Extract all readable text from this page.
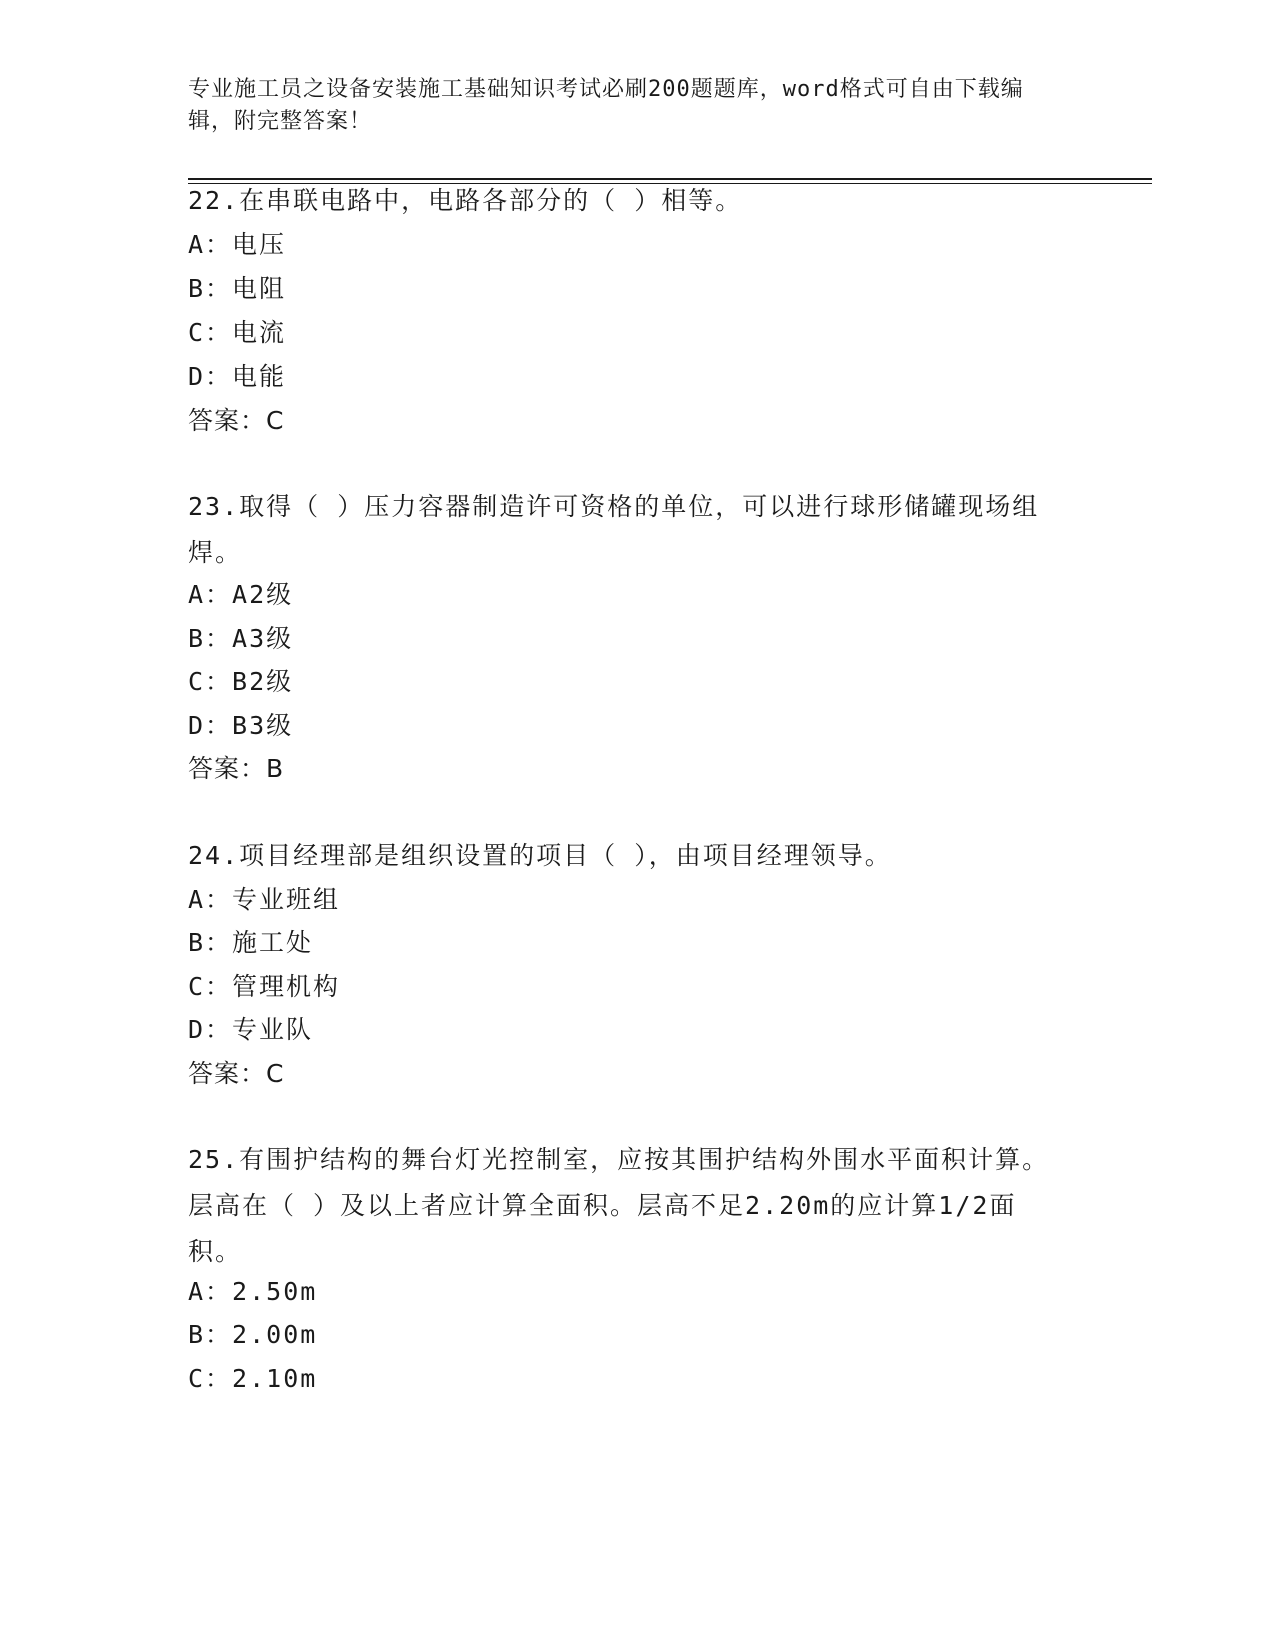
专业施工员之设备安装施工基础知识考试必刷200题题库，word格式可自由下载编辑，附完整答案！
22.在串联电路中，电路各部分的（ ）相等。
A：电压
B：电阻
C：电流
D：电能
答案：C
23.取得（ ）压力容器制造许可资格的单位，可以进行球形储罐现场组焊。
A：A2级
B：A3级
C：B2级
D：B3级
答案：B
24.项目经理部是组织设置的项目（ ），由项目经理领导。
A：专业班组
B：施工处
C：管理机构
D：专业队
答案：C
25.有围护结构的舞台灯光控制室，应按其围护结构外围水平面积计算。层高在（ ）及以上者应计算全面积。层高不足2.20m的应计算1/2面积。
A：2.50m
B：2.00m
C：2.10m
